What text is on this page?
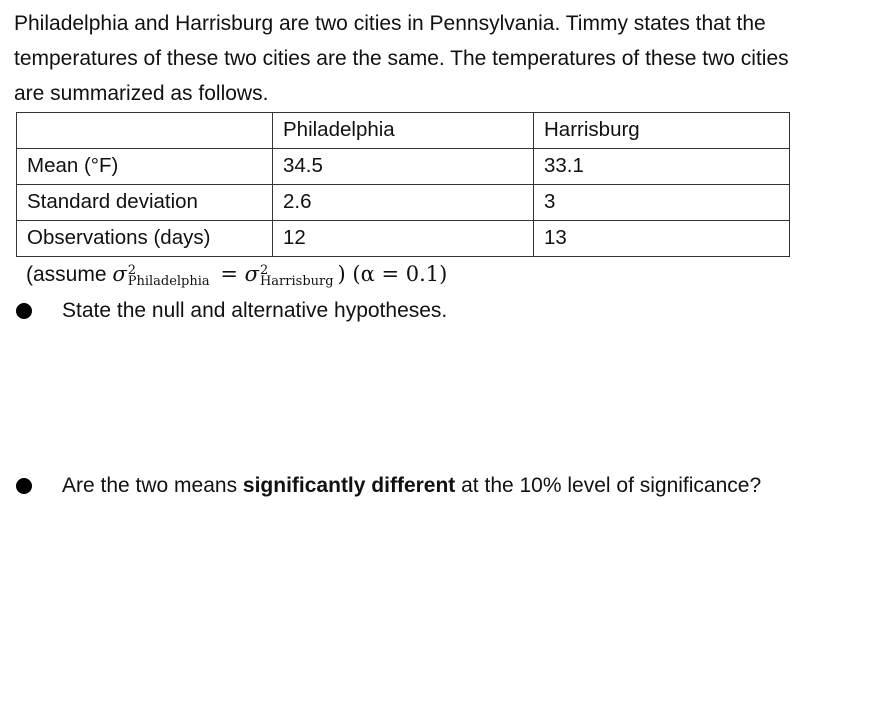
Philadelphia and Harrisburg are two cities in Pennsylvania. Timmy states that the temperatures of these two cities are the same. The temperatures of these two cities are summarized as follows.

	Philadelphia	Harrisburg
Mean (°F)	34.5	33.1
Standard deviation	2.6	3
Observations (days)	12	13
(assume σ 2
Philadelphia = σ 2
Harrisburg ) (α = 0.1)

State the null and alternative hypotheses.

Are the two means significantly different at the 10% level of significance?
